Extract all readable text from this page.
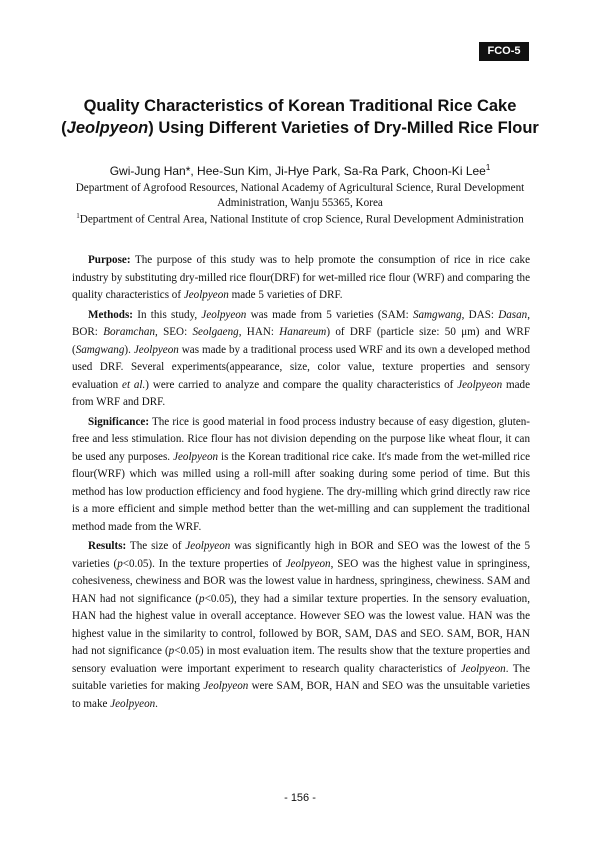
FCO-5
Quality Characteristics of Korean Traditional Rice Cake
(Jeolpyeon) Using Different Varieties of Dry-Milled Rice Flour
Gwi-Jung Han*, Hee-Sun Kim, Ji-Hye Park, Sa-Ra Park, Choon-Ki Lee$^1$
Department of Agrofood Resources, National Academy of Agricultural Science, Rural Development Administration, Wanju 55365, Korea
$^1$Department of Central Area, National Institute of crop Science, Rural Development Administration

Purpose: The purpose of this study was to help promote the consumption of rice in rice cake industry by substituting dry-milled rice flour(DRF) for wet-milled rice flour (WRF) and comparing the quality characteristics of Jeolpyeon made 5 varieties of DRF.

Methods: In this study, Jeolpyeon was made from 5 varieties (SAM: Samgwang, DAS: Dasan, BOR: Boramchan, SEO: Seolgaeng, HAN: Hanareum) of DRF (particle size: 50 μm) and WRF (Samgwang). Jeolpyeon was made by a traditional process used WRF and its own a developed method used DRF. Several experiments(appearance, size, color value, texture properties and sensory evaluation et al.) were carried to analyze and compare the quality characteristics of Jeolpyeon made from WRF and DRF.

Significance: The rice is good material in food process industry because of easy digestion, gluten-free and less stimulation. Rice flour has not division depending on the purpose like wheat flour, it can be used any purposes. Jeolpyeon is the Korean traditional rice cake. It's made from the wet-milled rice flour(WRF) which was milled using a roll-mill after soaking during some period of time. But this method has low production efficiency and food hygiene. The dry-milling which grind directly raw rice is a more efficient and simple method better than the wet-milling and can supplement the traditional method made from the WRF.

Results: The size of Jeolpyeon was significantly high in BOR and SEO was the lowest of the 5 varieties (p<0.05). In the texture properties of Jeolpyeon, SEO was the highest value in springiness, cohesiveness, chewiness and BOR was the lowest value in hardness, springiness, chewiness. SAM and HAN had not significance (p<0.05), they had a similar texture properties. In the sensory evaluation, HAN had the highest value in overall acceptance. However SEO was the lowest value. HAN was the highest value in the similarity to control, followed by BOR, SAM, DAS and SEO. SAM, BOR, HAN had not significance (p<0.05) in most evaluation item. The results show that the texture properties and sensory evaluation were important experiment to research quality characteristics of Jeolpyeon. The suitable varieties for making Jeolpyeon were SAM, BOR, HAN and SEO was the unsuitable varieties to make Jeolpyeon.

- 156 -
